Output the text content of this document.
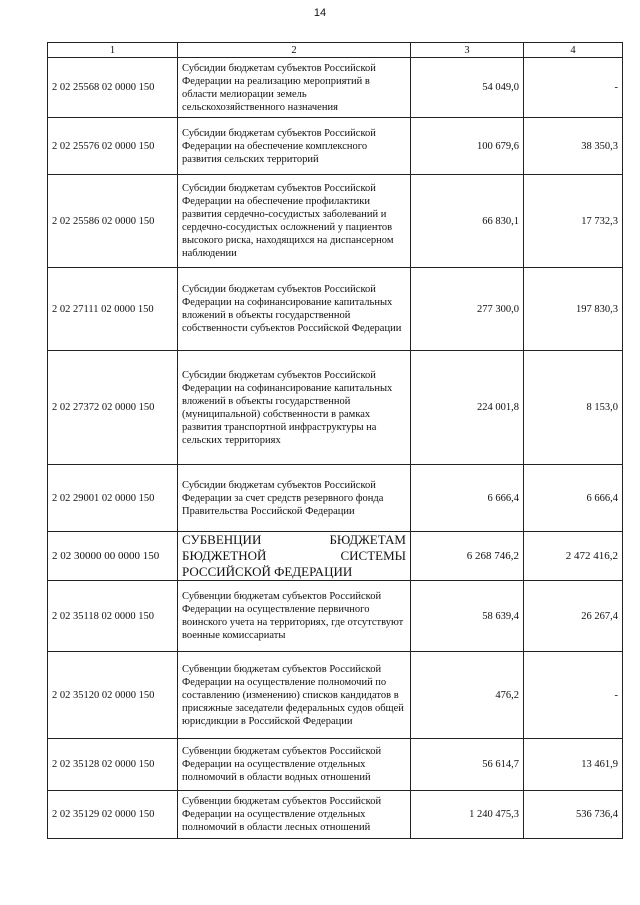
14
1	2	3	4
2 02 25568 02 0000 150	Субсидии бюджетам субъектов Российской Федерации на реализацию мероприятий в области мелиорации земель сельскохозяйственного назначения	54 049,0	-
2 02 25576 02 0000 150	Субсидии бюджетам субъектов Российской Федерации на обеспечение комплексного развития сельских территорий	100 679,6	38 350,3
2 02 25586 02 0000 150	Субсидии бюджетам субъектов Российской Федерации на обеспечение профилактики развития сердечно-сосудистых заболеваний и сердечно-сосудистых осложнений у пациентов высокого риска, находящихся на диспансерном наблюдении	66 830,1	17 732,3
2 02 27111 02 0000 150	Субсидии бюджетам субъектов Российской Федерации на софинансирование капитальных вложений в объекты государственной собственности субъектов Российской Федерации	277 300,0	197 830,3
2 02 27372 02 0000 150	Субсидии бюджетам субъектов Российской Федерации на софинансирование капитальных вложений в объекты государственной (муниципальной) собственности в рамках развития транспортной инфраструктуры на сельских территориях	224 001,8	8 153,0
2 02 29001 02 0000 150	Субсидии бюджетам субъектов Российской Федерации за счет средств резервного фонда Правительства Российской Федерации	6 666,4	6 666,4
2 02 30000 00 0000 150	СУБВЕНЦИИ БЮДЖЕТАМ БЮДЖЕТНОЙ СИСТЕМЫ РОССИЙСКОЙ ФЕДЕРАЦИИ	6 268 746,2	2 472 416,2
2 02 35118 02 0000 150	Субвенции бюджетам субъектов Российской Федерации на осуществление первичного воинского учета на территориях, где отсутствуют военные комиссариаты	58 639,4	26 267,4
2 02 35120 02 0000 150	Субвенции бюджетам субъектов Российской Федерации на осуществление полномочий по составлению (изменению) списков кандидатов в присяжные заседатели федеральных судов общей юрисдикции в Российской Федерации	476,2	-
2 02 35128 02 0000 150	Субвенции бюджетам субъектов Российской Федерации на осуществление отдельных полномочий в области водных отношений	56 614,7	13 461,9
2 02 35129 02 0000 150	Субвенции бюджетам субъектов Российской Федерации на осуществление отдельных полномочий в области лесных отношений	1 240 475,3	536 736,4
